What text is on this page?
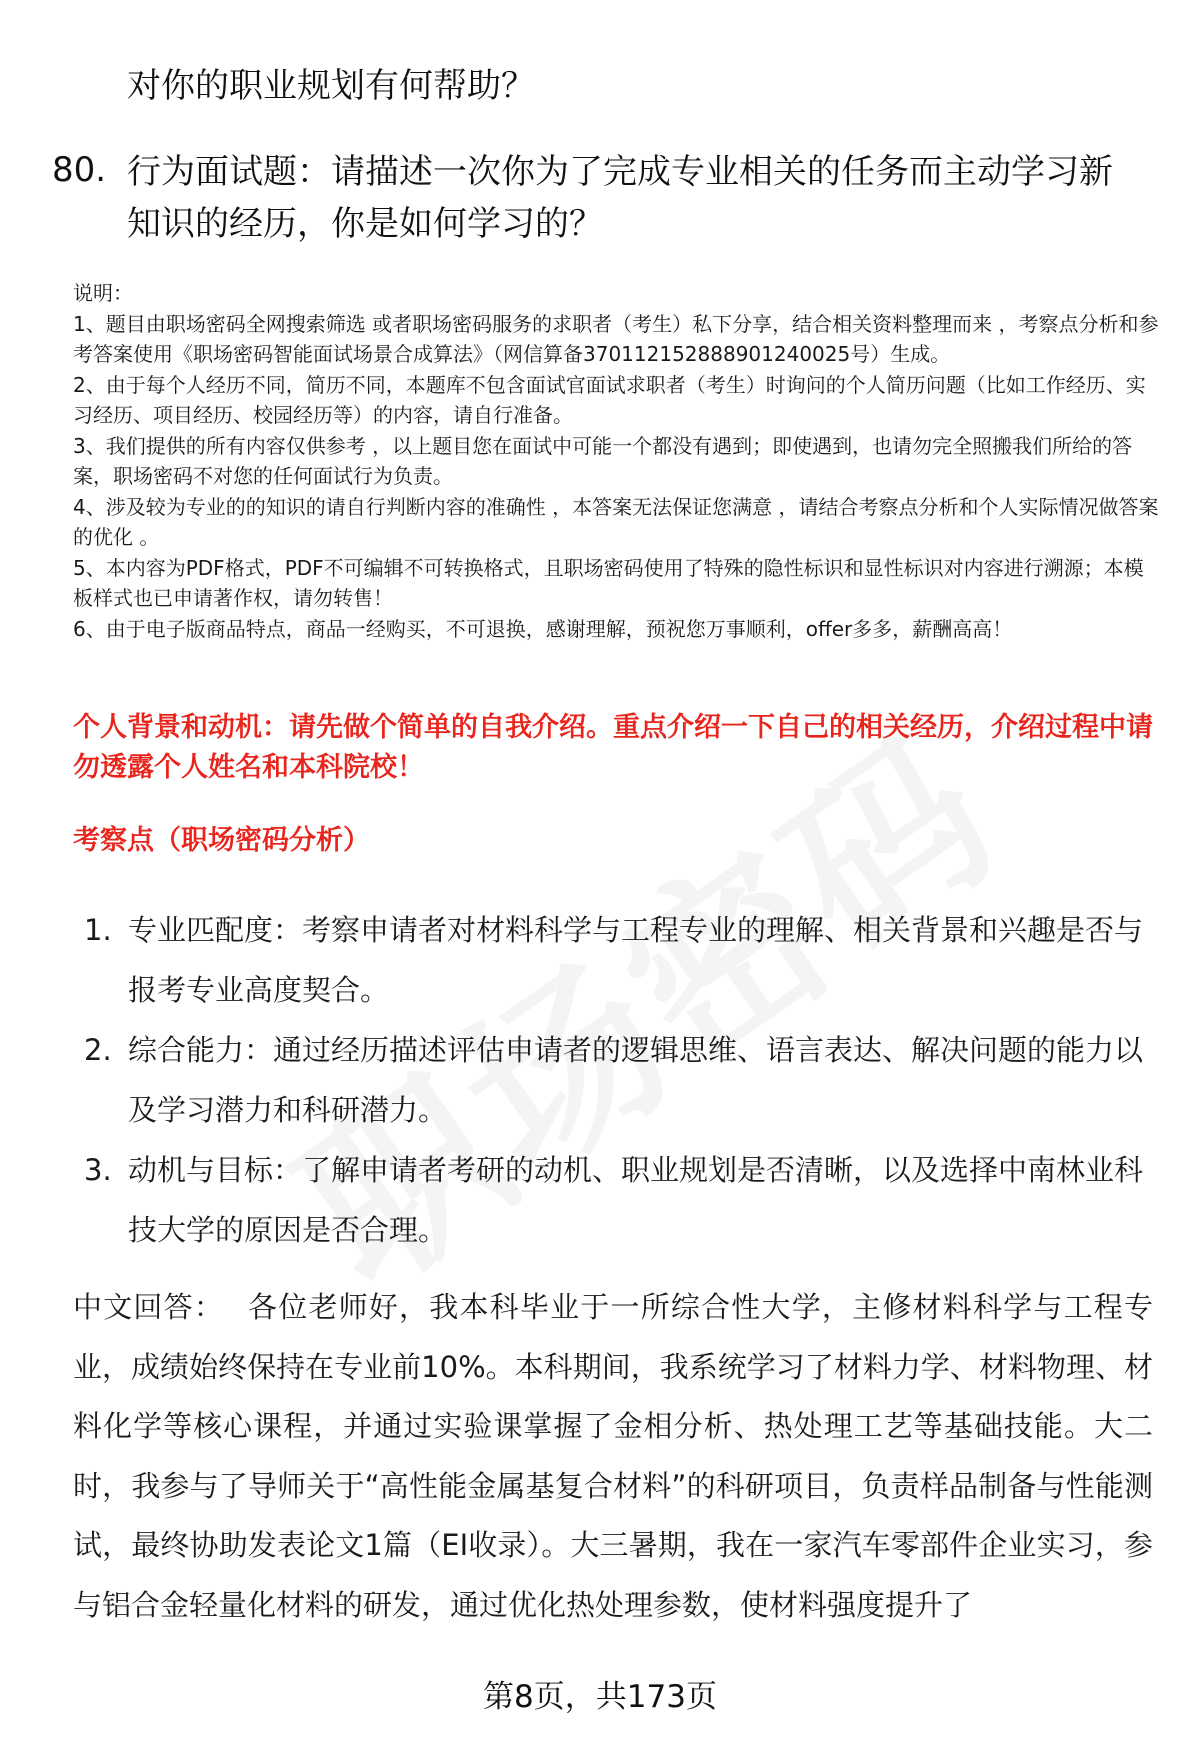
对你的职业规划有何帮助？
80. 行为面试题：请描述一次你为了完成专业相关的任务而主动学习新知识的经历，你是如何学习的？

说明：

1、题目由职场密码全网搜索筛选 或者职场密码服务的求职者（考生）私下分享，结合相关资料整理而来 ，考察点分析和参考答案使用《职场密码智能面试场景合成算法》（网信算备370112152888901240025号）生成。

2、由于每个人经历不同，简历不同，本题库不包含面试官面试求职者（考生）时询问的个人简历问题（比如工作经历、实习经历、项目经历、校园经历等）的内容，请自行准备。

3、我们提供的所有内容仅供参考 ，以上题目您在面试中可能一个都没有遇到；即使遇到，也请勿完全照搬我们所给的答案，职场密码不对您的任何面试行为负责。

4、涉及较为专业的的知识的请自行判断内容的准确性 ，本答案无法保证您满意 ，请结合考察点分析和个人实际情况做答案的优化 。

5、本内容为PDF格式，PDF不可编辑不可转换格式，且职场密码使用了特殊的隐性标识和显性标识对内容进行溯源；本模板样式也已申请著作权，请勿转售！

6、由于电子版商品特点，商品一经购买，不可退换，感谢理解，预祝您万事顺利，offer多多，薪酬高高！

个人背景和动机：请先做个简单的自我介绍。重点介绍一下自己的相关经历，介绍过程中请勿透露个人姓名和本科院校！
考察点（职场密码分析）
1. 专业匹配度：考察申请者对材料科学与工程专业的理解、相关背景和兴趣是否与报考专业高度契合。
2. 综合能力：通过经历描述评估申请者的逻辑思维、语言表达、解决问题的能力以及学习潜力和科研潜力。
3. 动机与目标：了解申请者考研的动机、职业规划是否清晰，以及选择中南林业科技大学的原因是否合理。
中文回答： 各位老师好，我本科毕业于一所综合性大学，主修材料科学与工程专业，成绩始终保持在专业前10%。本科期间，我系统学习了材料力学、材料物理、材料化学等核心课程，并通过实验课掌握了金相分析、热处理工艺等基础技能。大二时，我参与了导师关于“高性能金属基复合材料”的科研项目，负责样品制备与性能测试，最终协助发表论文1篇（EI收录）。大三暑期，我在一家汽车零部件企业实习，参与铝合金轻量化材料的研发，通过优化热处理参数，使材料强度提升了
第8页，共173页
